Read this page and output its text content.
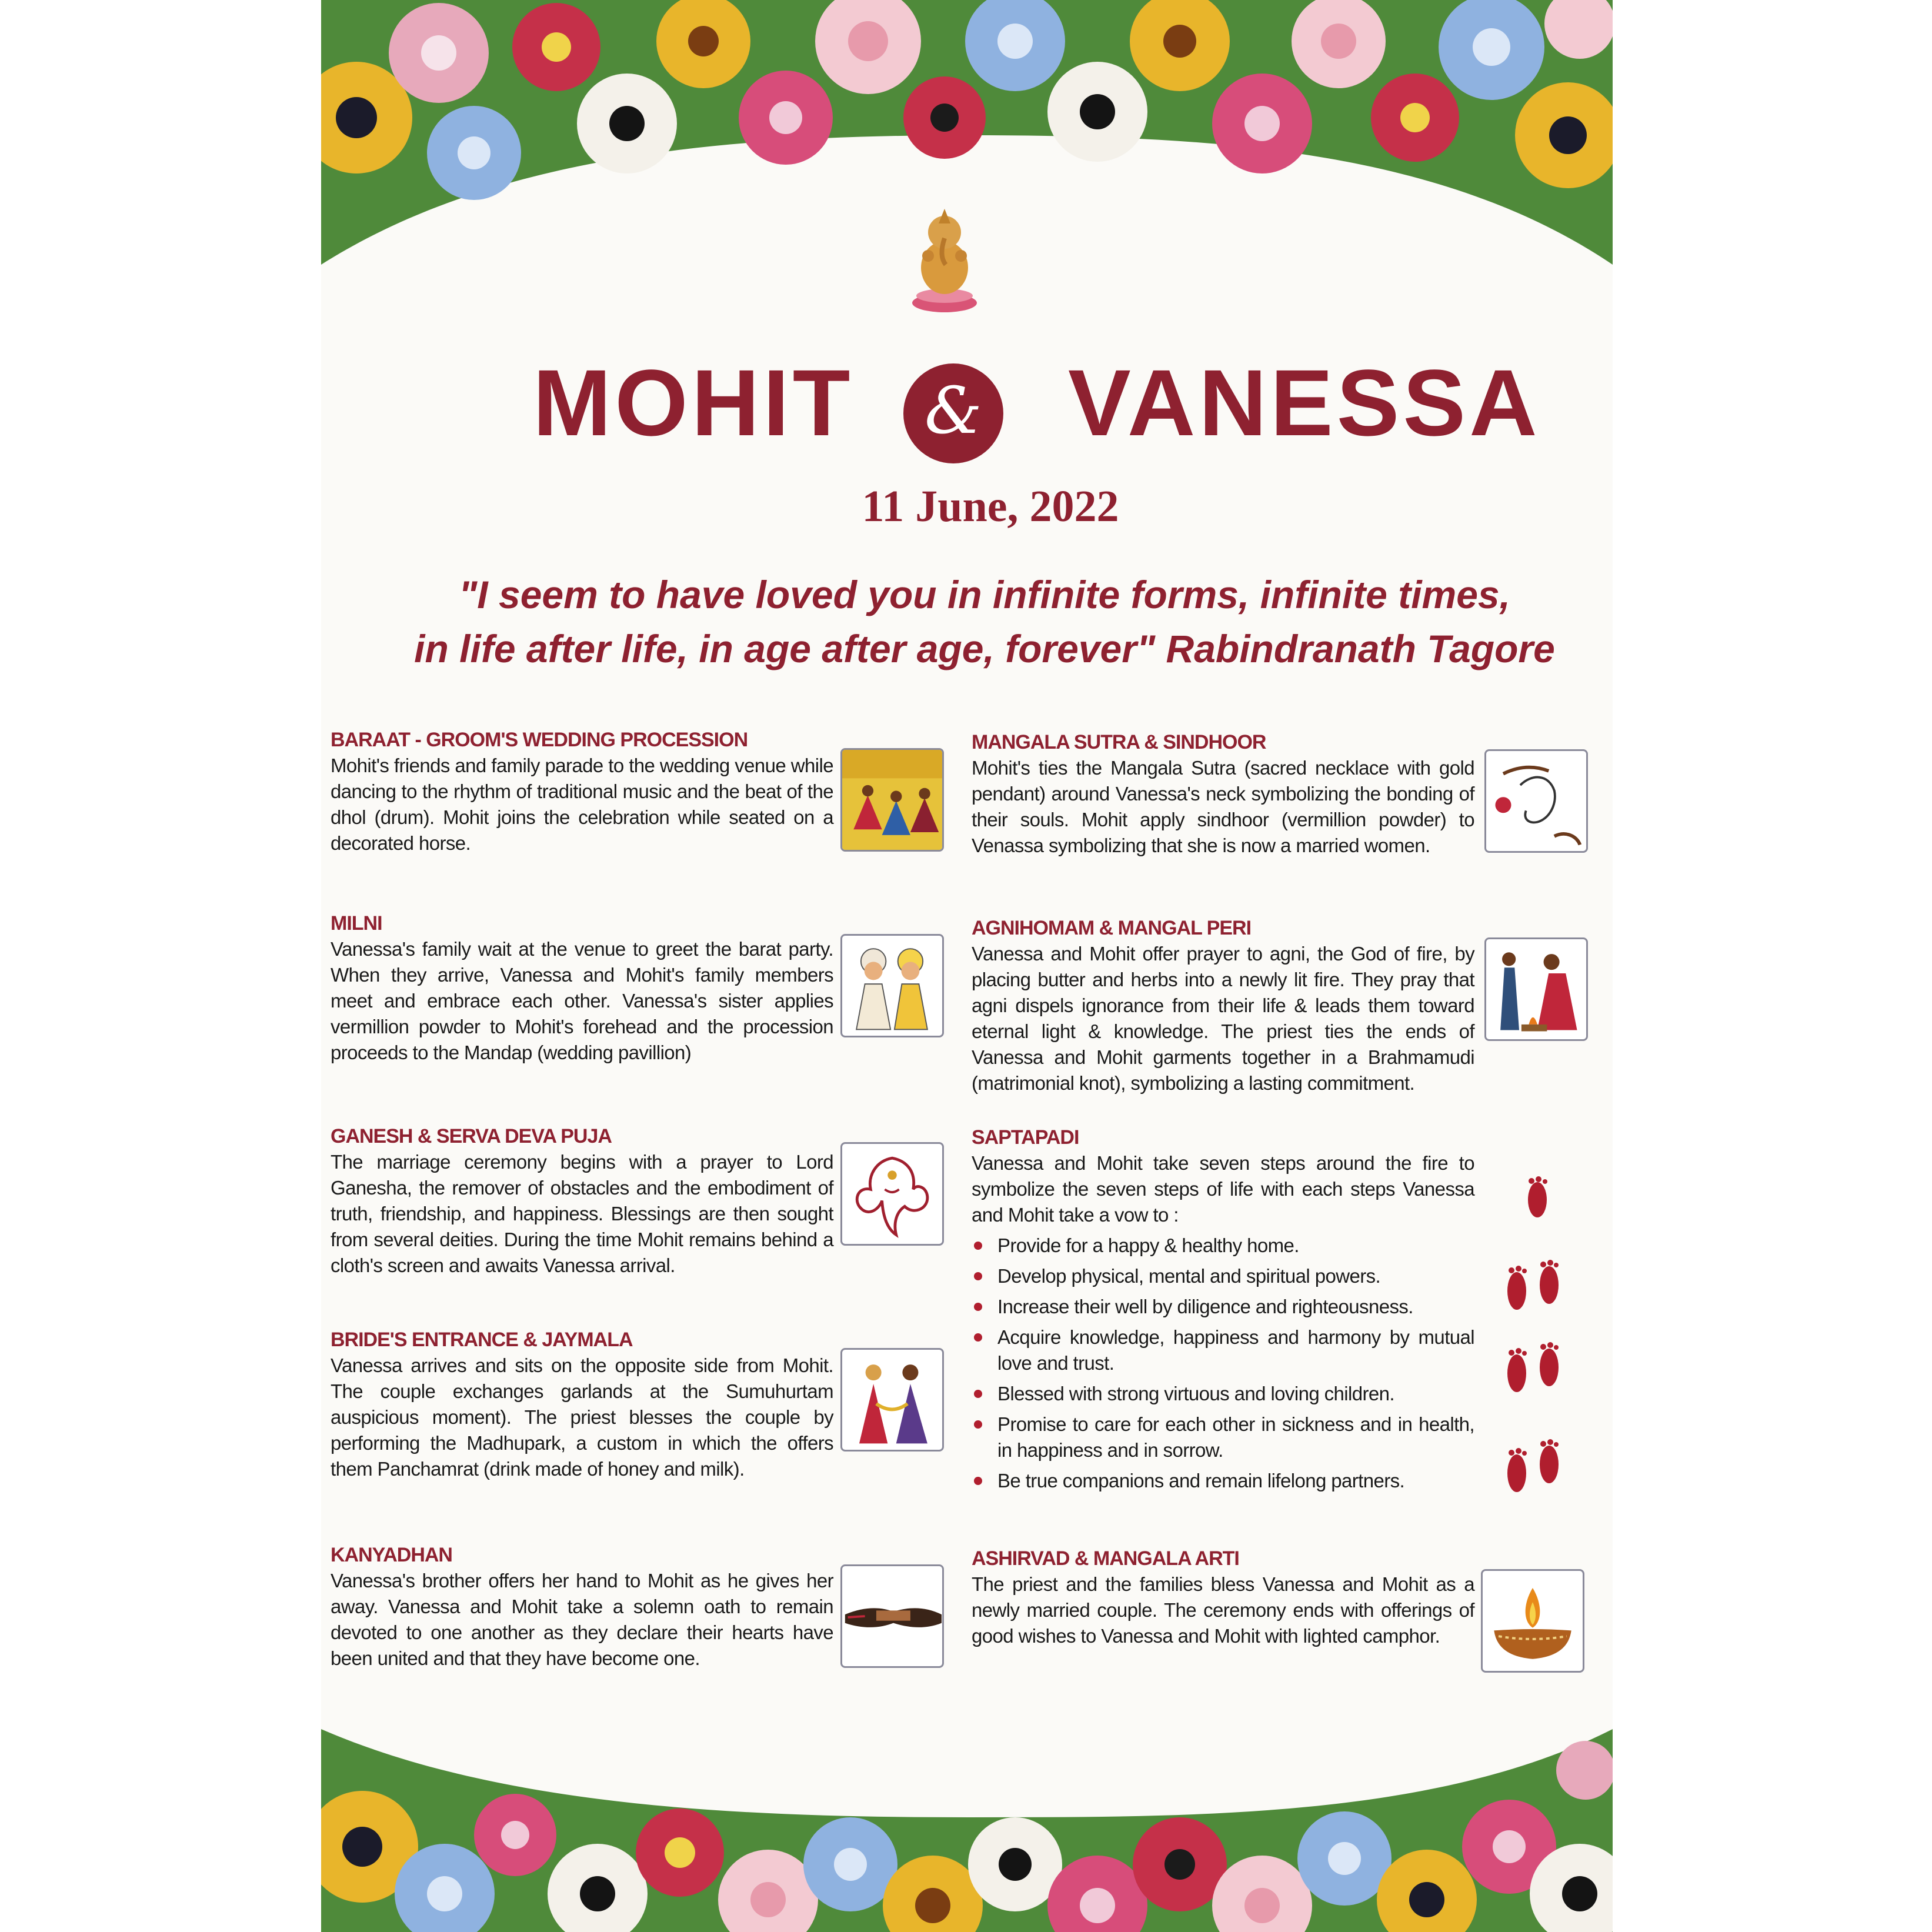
MOHIT	& VANESSA
11 June, 2022
"I seem to have loved you in infinite forms, infinite times,
in life after life, in age after age, forever" Rabindranath Tagore
BARAAT - GROOM'S WEDDING PROCESSION
Mohit's friends and family parade to the wedding venue while dancing to the rhythm of traditional music and the beat of the dhol (drum). Mohit joins the celebration while seated on a decorated horse.
MILNI
Vanessa's family wait at the venue to greet the barat party. When they arrive, Vanessa and Mohit's family members meet and embrace each other. Vanessa's sister applies vermillion powder to Mohit's forehead and the procession proceeds to the Mandap (wedding pavillion)
GANESH & SERVA DEVA PUJA
The marriage ceremony begins with a prayer to Lord Ganesha, the remover of obstacles and the embodiment of truth, friendship, and happiness. Blessings are then sought from several deities. During the time Mohit remains behind a cloth's screen and awaits Vanessa arrival.
BRIDE'S ENTRANCE & JAYMALA
Vanessa arrives and sits on the opposite side from Mohit. The couple exchanges garlands at the Sumuhurtam auspicious moment). The priest blesses the couple by performing the Madhupark, a custom in which the offers them Panchamrat (drink made of honey and milk).
KANYADHAN
Vanessa's brother offers her hand to Mohit as he gives her away. Vanessa and Mohit take a solemn oath to remain devoted to one another as they declare their hearts have been united and that they have become one.
MANGALA SUTRA & SINDHOOR
Mohit's ties the Mangala Sutra (sacred necklace with gold pendant) around Vanessa's neck symbolizing the bonding of their souls. Mohit apply sindhoor (vermillion powder) to Venassa symbolizing that she is now a married women.
AGNIHOMAM & MANGAL PERI
Vanessa and Mohit offer prayer to agni, the God of fire, by placing butter and herbs into a newly lit fire. They pray that agni dispels ignorance from their life & leads them toward eternal light & knowledge. The priest ties the ends of Vanessa and Mohit garments together in a Brahmamudi (matrimonial knot), symbolizing a lasting commitment.
SAPTAPADI
Vanessa and Mohit take seven steps around the fire to symbolize the seven steps of life with each steps Vanessa and Mohit take a vow to :
Provide for a happy & healthy home.
Develop physical, mental and spiritual powers.
Increase their well by diligence and righteousness.
Acquire knowledge, happiness and harmony by mutual love and trust.
Blessed with strong virtuous and loving children.
Promise to care for each other in sickness and in health, in happiness and in sorrow.
Be true companions and remain lifelong partners.
ASHIRVAD & MANGALA ARTI
The priest and the families bless Vanessa and Mohit as a newly married couple. The ceremony ends with offerings of good wishes to Vanessa and Mohit with lighted camphor.
